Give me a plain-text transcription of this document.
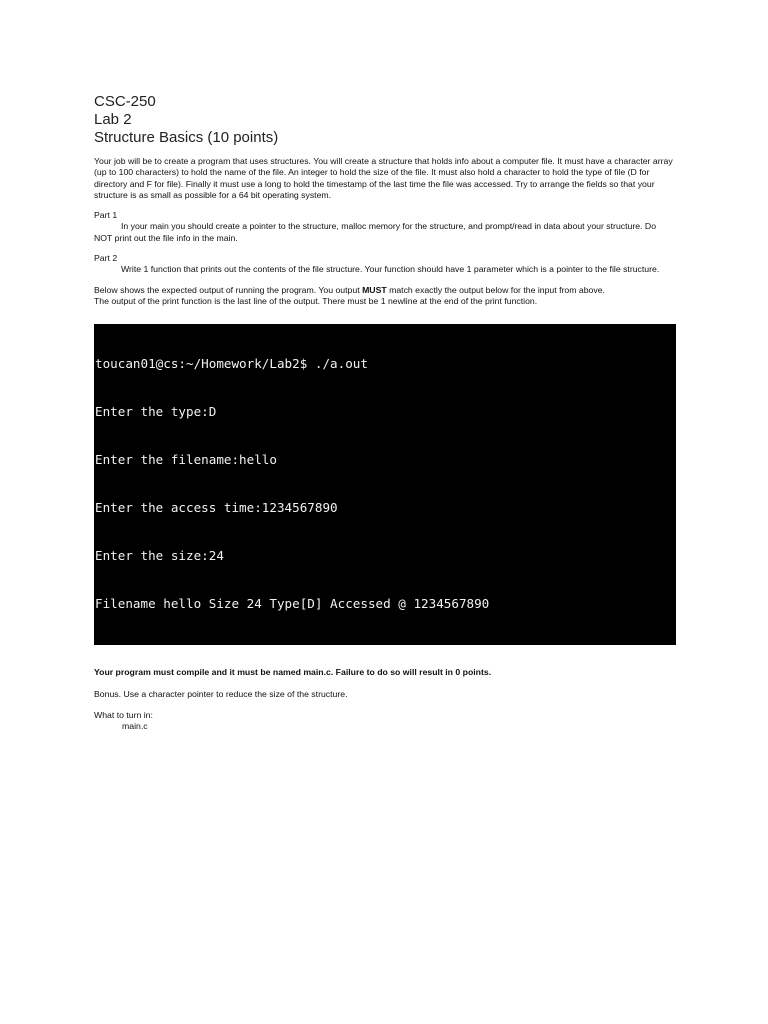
CSC-250
Lab 2
Structure Basics (10 points)

Your job will be to create a program that uses structures. You will create a structure that holds info about a computer file. It must have a character array (up to 100 characters) to hold the name of the file. An integer to hold the size of the file. It must also hold a character to hold the type of file (D for directory and F for file). Finally it must use a long to hold the timestamp of the last time the file was accessed. Try to arrange the fields so that your structure is as small as possible for a 64 bit operating system.

Part 1

In your main you should create a pointer to the structure, malloc memory for the structure, and prompt/read in data about your structure. Do NOT print out the file info in the main.

Part 2

Write 1 function that prints out the contents of the file structure. Your function should have 1 parameter which is a pointer to the file structure.

Below shows the expected output of running the program. You output MUST match exactly the output below for the input from above.
The output of the print function is the last line of the output. There must be 1 newline at the end of the print function.

toucan01@cs:~/Homework/Lab2$ ./a.out

Enter the type:D

Enter the filename:hello

Enter the access time:1234567890

Enter the size:24

Filename hello Size 24 Type[D] Accessed @ 1234567890

Your program must compile and it must be named main.c. Failure to do so will result in 0 points.

Bonus. Use a character pointer to reduce the size of the structure.

What to turn in:

main.c
